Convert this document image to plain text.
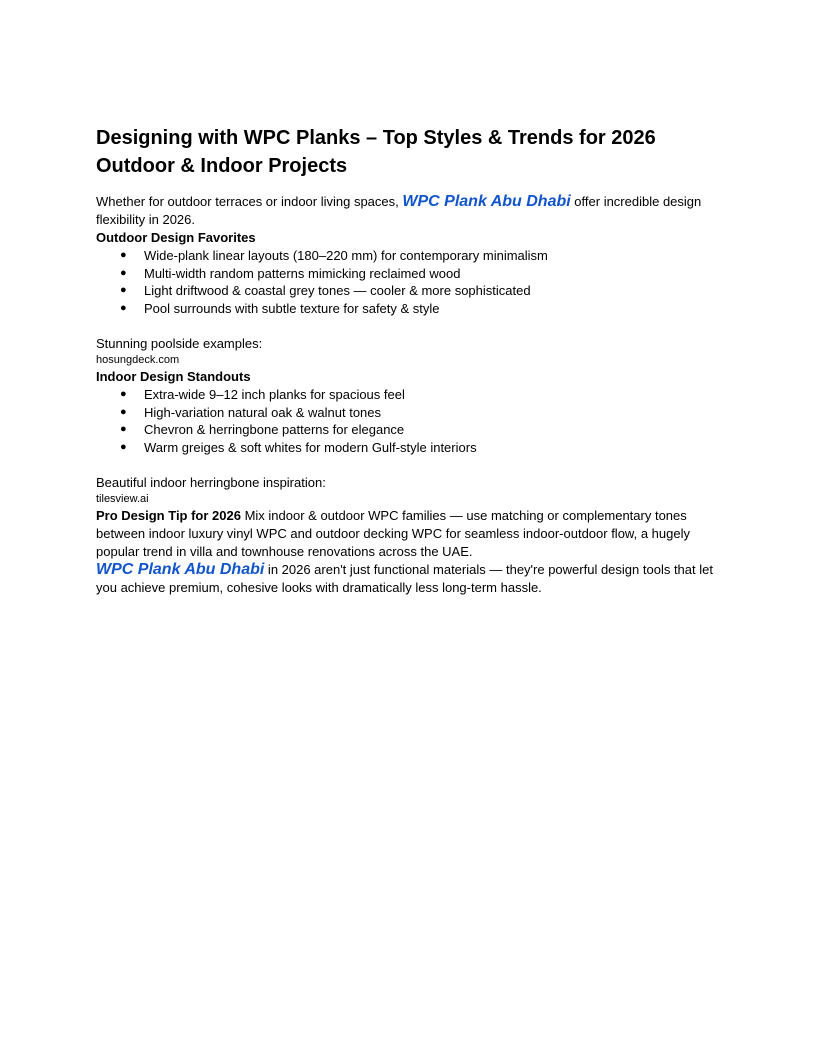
Designing with WPC Planks – Top Styles & Trends for 2026
Outdoor & Indoor Projects

Whether for outdoor terraces or indoor living spaces, WPC Plank Abu Dhabi offer incredible design flexibility in 2026.

Outdoor Design Favorites

● Wide-plank linear layouts (180–220 mm) for contemporary minimalism
● Multi-width random patterns mimicking reclaimed wood
● Light driftwood & coastal grey tones — cooler & more sophisticated
● Pool surrounds with subtle texture for safety & style

Stunning poolside examples:

hosungdeck.com

Indoor Design Standouts

● Extra-wide 9–12 inch planks for spacious feel
● High-variation natural oak & walnut tones
● Chevron & herringbone patterns for elegance
● Warm greiges & soft whites for modern Gulf-style interiors

Beautiful indoor herringbone inspiration:

tilesview.ai

Pro Design Tip for 2026 Mix indoor & outdoor WPC families — use matching or complementary tones between indoor luxury vinyl WPC and outdoor decking WPC for seamless indoor-outdoor flow, a hugely popular trend in villa and townhouse renovations across the UAE.

WPC Plank Abu Dhabi in 2026 aren't just functional materials — they're powerful design tools that let you achieve premium, cohesive looks with dramatically less long-term hassle.
